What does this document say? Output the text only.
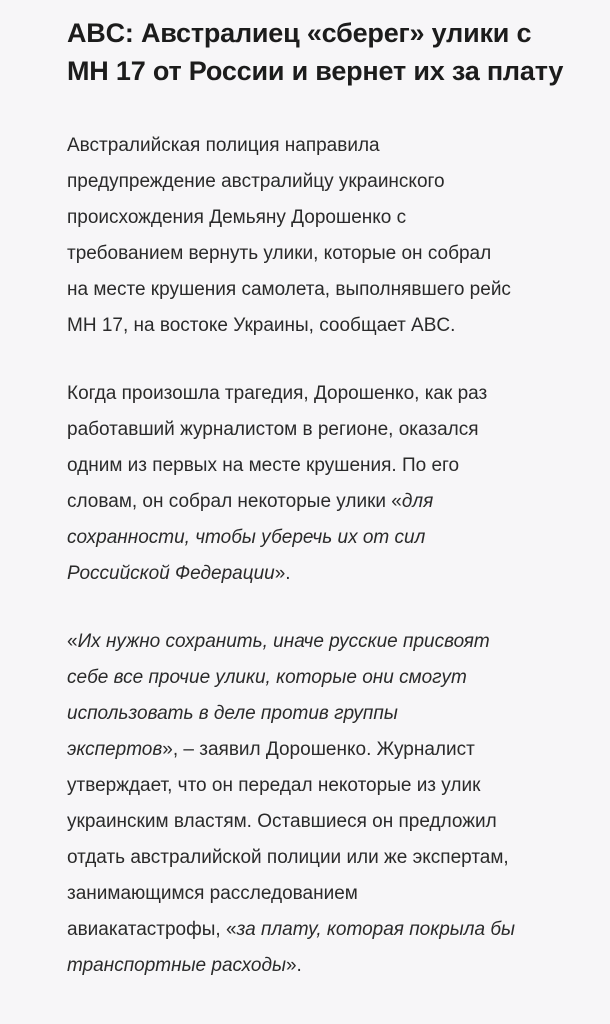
ABC: Австралиец «сберег» улики с
МН 17 от России и вернет их за плату

Австралийская полиция направила
предупреждение австралийцу украинского
происхождения Демьяну Дорошенко с
требованием вернуть улики, которые он собрал
на месте крушения самолета, выполнявшего рейс
МН 17, на востоке Украины, сообщает ABC.

Когда произошла трагедия, Дорошенко, как раз
работавший журналистом в регионе, оказался
одним из первых на месте крушения. По его
словам, он собрал некоторые улики «для
сохранности, чтобы уберечь их от сил
Российской Федерации».

«Их нужно сохранить, иначе русские присвоят
себе все прочие улики, которые они смогут
использовать в деле против группы
экспертов», – заявил Дорошенко. Журналист
утверждает, что он передал некоторые из улик
украинским властям. Оставшиеся он предложил
отдать австралийской полиции или же экспертам,
занимающимся расследованием
авиакатастрофы, «за плату, которая покрыла бы
транспортные расходы».
